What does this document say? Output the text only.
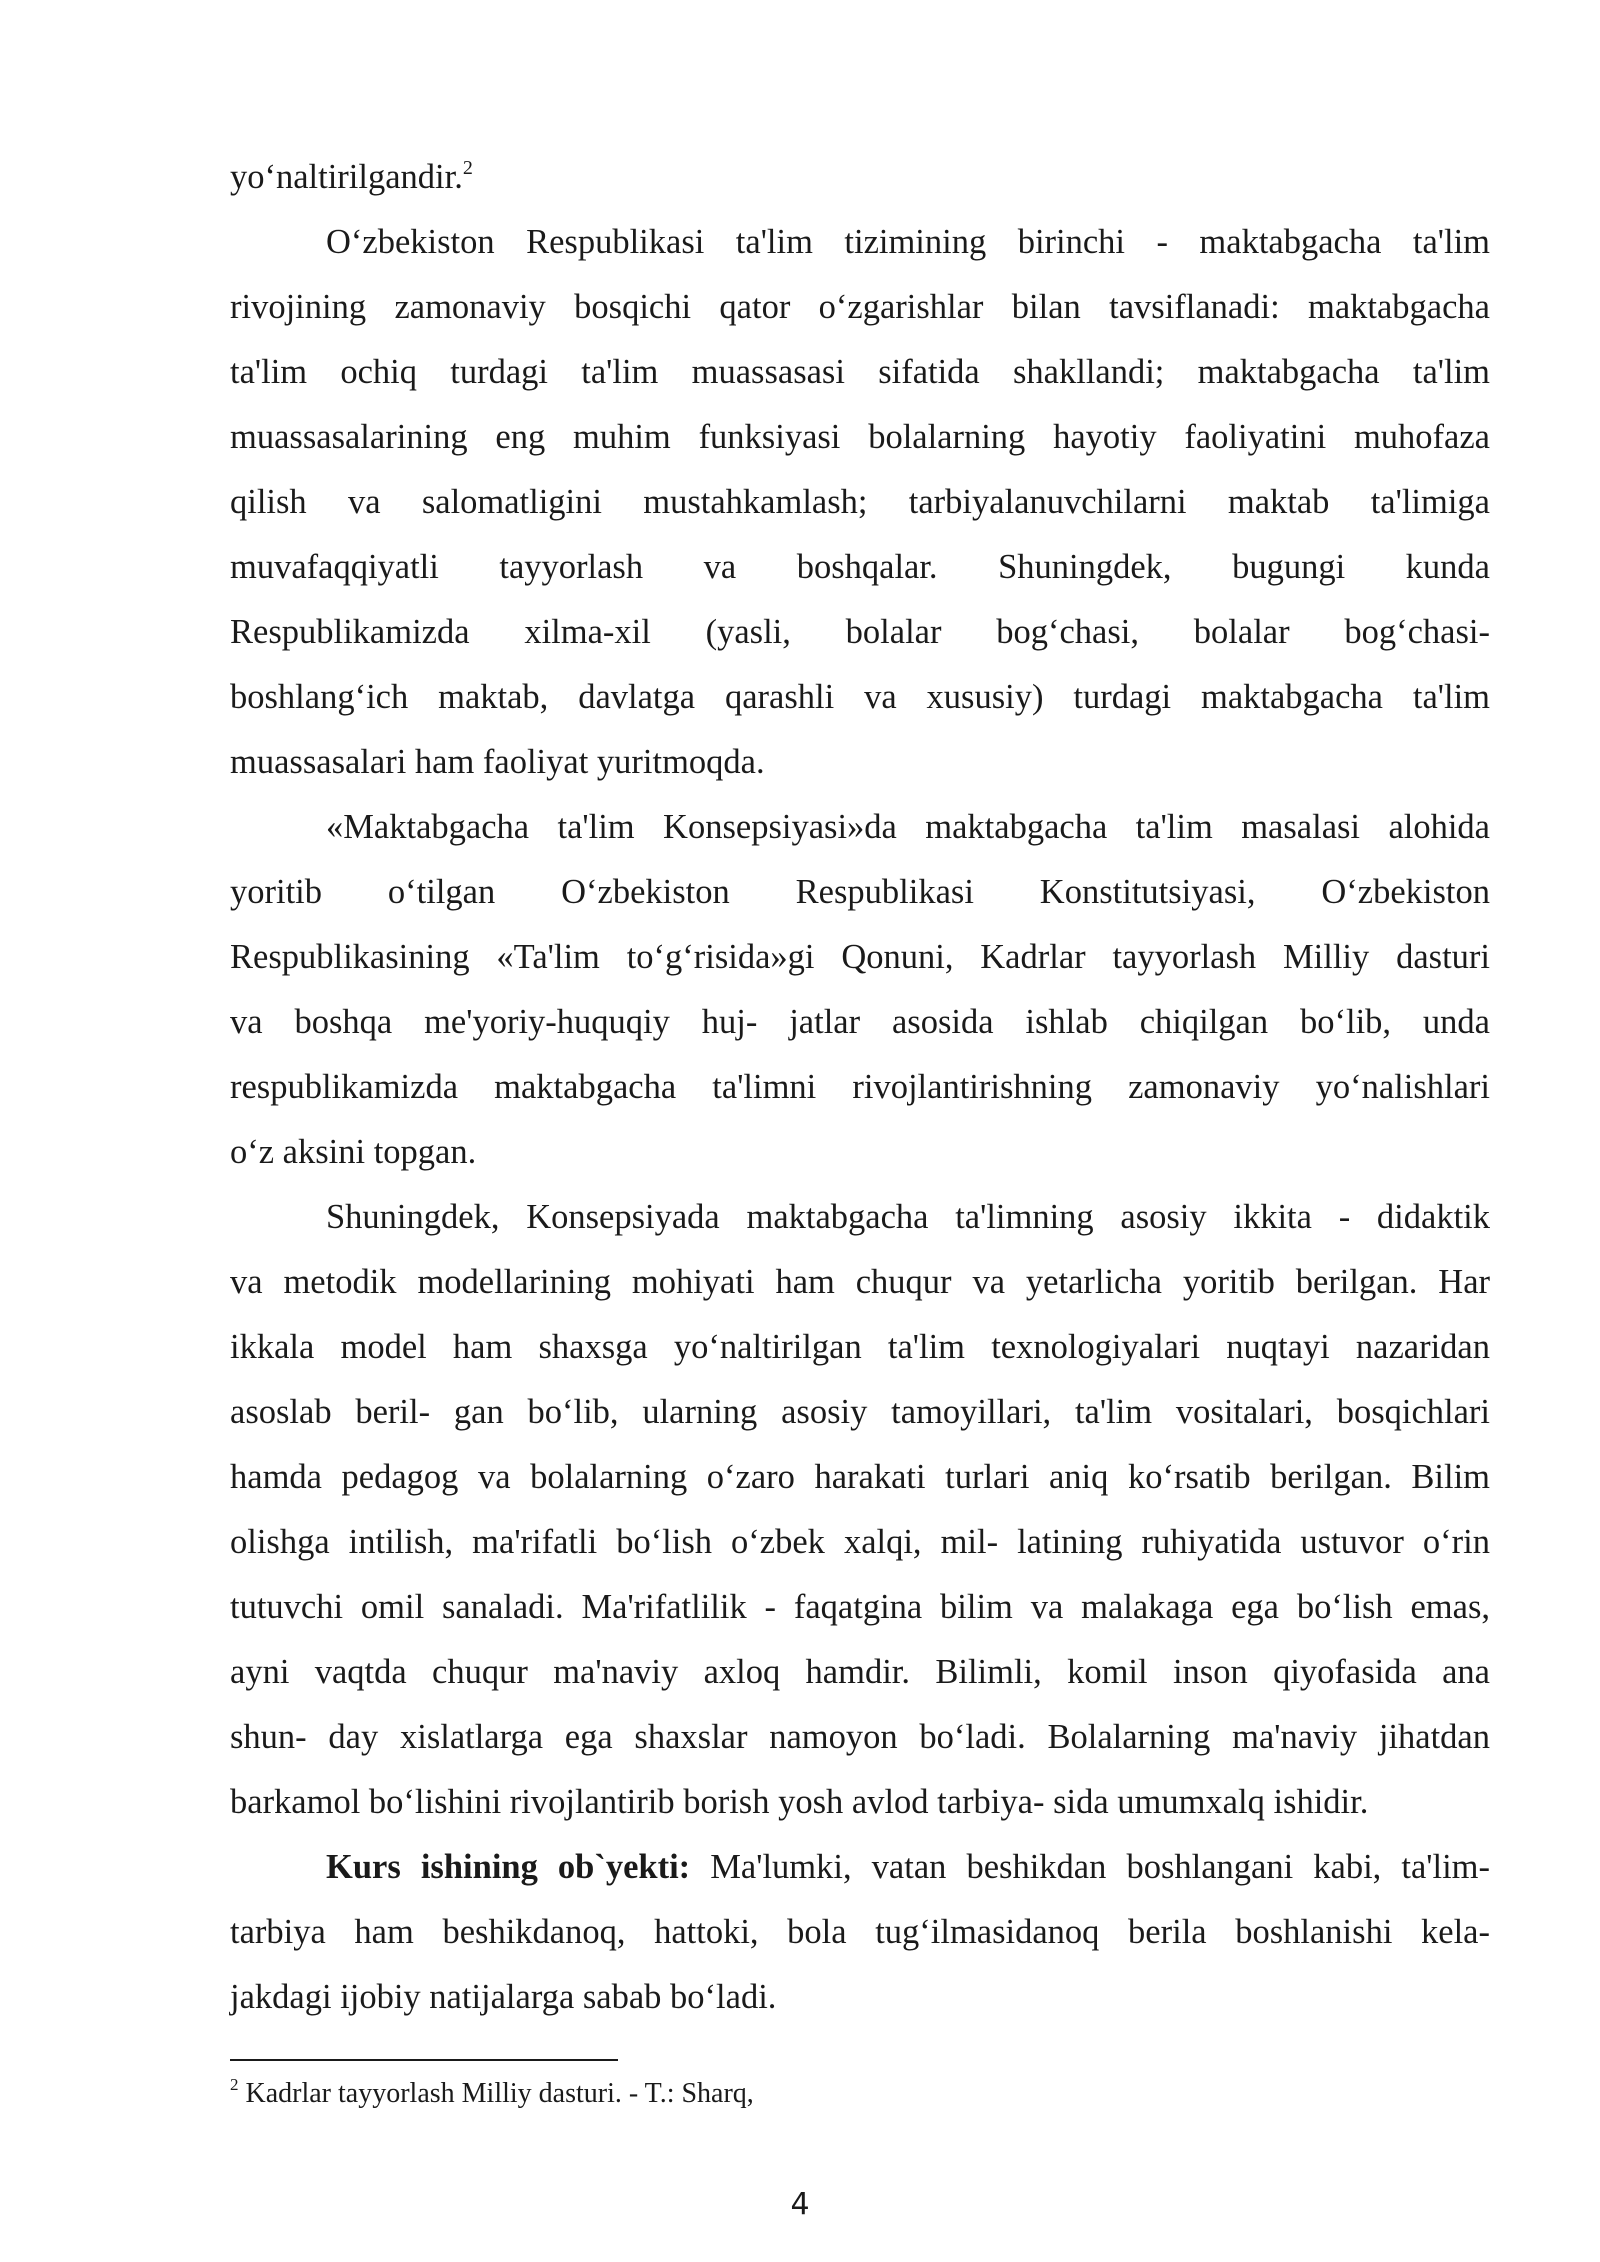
yo‘naltirilgandir.$^2$
O‘zbekiston Respublikasi ta'lim tizimining birinchi - maktabgacha ta'lim
rivojining zamonaviy bosqichi qator o‘zgarishlar bilan tavsiflanadi: maktabgacha
ta'lim ochiq turdagi ta'lim muassasasi sifatida shakllandi; maktabgacha ta'lim
muassasalarining eng muhim funksiyasi bolalarning hayotiy faoliyatini muhofaza
qilish va salomatligini mustahkamlash; tarbiyalanuvchilarni maktab ta'limiga
muvafaqqiyatli tayyorlash va boshqalar. Shuningdek, bugungi kunda
Respublikamizda xilma-xil (yasli, bolalar bog‘chasi, bolalar bog‘chasi-
boshlang‘ich maktab, davlatga qarashli va xususiy) turdagi maktabgacha ta'lim
muassasalari ham faoliyat yuritmoqda.
«Maktabgacha ta'lim Konsepsiyasi»da maktabgacha ta'lim masalasi alohida
yoritib o‘tilgan O‘zbekiston Respublikasi Konstitutsiyasi, O‘zbekiston
Respublikasining «Ta'lim to‘g‘risida»gi Qonuni, Kadrlar tayyorlash Milliy dasturi
va boshqa me'yoriy-huquqiy huj- jatlar asosida ishlab chiqilgan bo‘lib, unda
respublikamizda maktabgacha ta'limni rivojlantirishning zamonaviy yo‘nalishlari
o‘z aksini topgan.
Shuningdek, Konsepsiyada maktabgacha ta'limning asosiy ikkita - didaktik
va metodik modellarining mohiyati ham chuqur va yetarlicha yoritib berilgan. Har
ikkala model ham shaxsga yo‘naltirilgan ta'lim texnologiyalari nuqtayi nazaridan
asoslab beril- gan bo‘lib, ularning asosiy tamoyillari, ta'lim vositalari, bosqichlari
hamda pedagog va bolalarning o‘zaro harakati turlari aniq ko‘rsatib berilgan. Bilim
olishga intilish, ma'rifatli bo‘lish o‘zbek xalqi, mil- latining ruhiyatida ustuvor o‘rin
tutuvchi omil sanaladi. Ma'rifatlilik - faqatgina bilim va malakaga ega bo‘lish emas,
ayni vaqtda chuqur ma'naviy axloq hamdir. Bilimli, komil inson qiyofasida ana
shun- day xislatlarga ega shaxslar namoyon bo‘ladi. Bolalarning ma'naviy jihatdan
barkamol bo‘lishini rivojlantirib borish yosh avlod tarbiya- sida umumxalq ishidir.
Kurs ishining ob`yekti: Ma'lumki, vatan beshikdan boshlangani kabi, ta'lim-
tarbiya ham beshikdanoq, hattoki, bola tug‘ilmasidanoq berila boshlanishi kela-
jakdagi ijobiy natijalarga sabab bo‘ladi.
$^2$ Kadrlar tayyorlash Milliy dasturi. - T.: Sharq,
4
